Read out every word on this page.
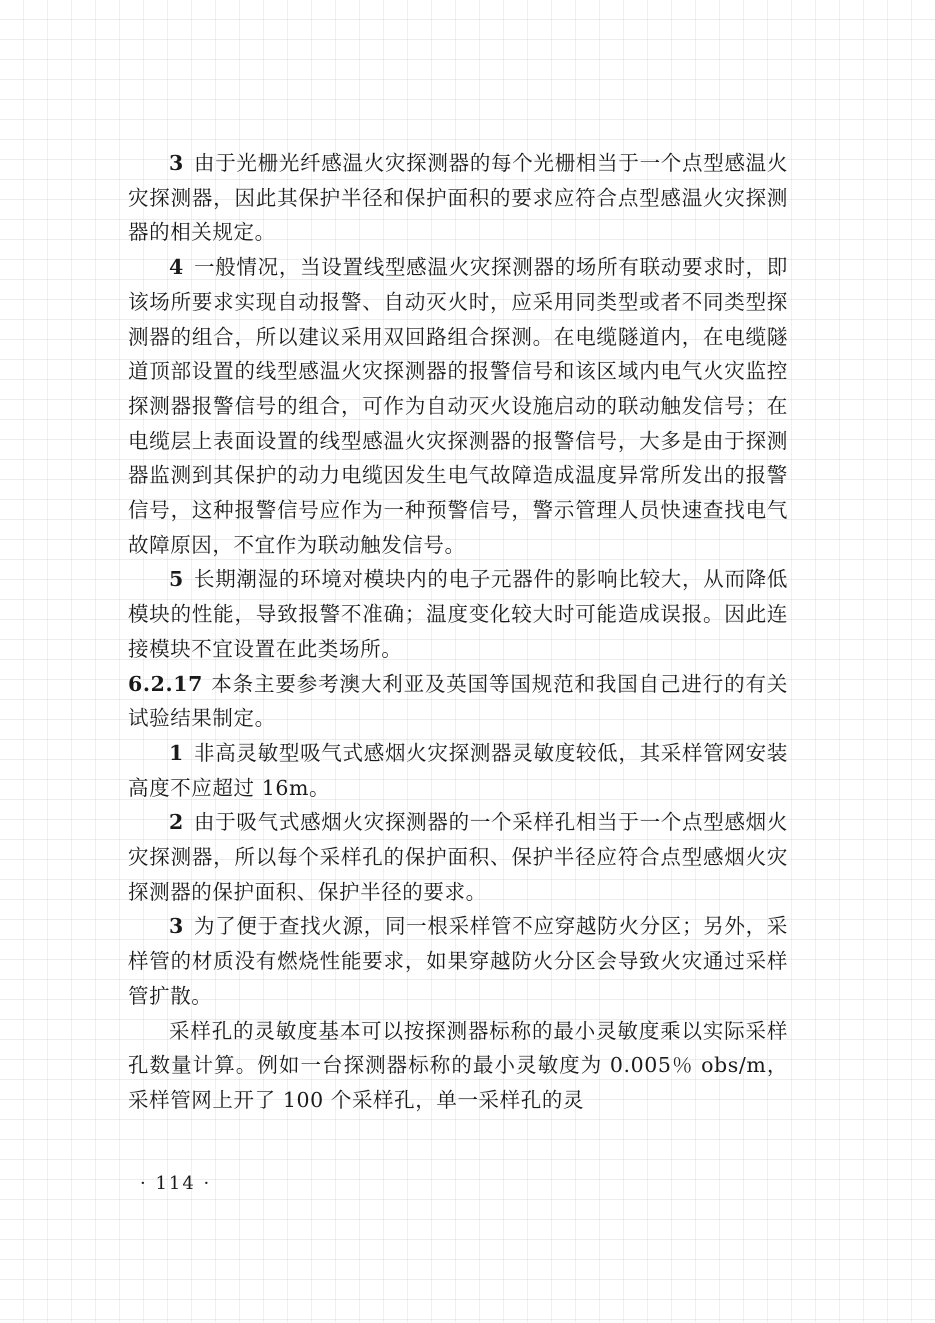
3 由于光栅光纤感温火灾探测器的每个光栅相当于一个点型感温火灾探测器，因此其保护半径和保护面积的要求应符合点型感温火灾探测器的相关规定。

4 一般情况，当设置线型感温火灾探测器的场所有联动要求时，即该场所要求实现自动报警、自动灭火时，应采用同类型或者不同类型探测器的组合，所以建议采用双回路组合探测。在电缆隧道内，在电缆隧道顶部设置的线型感温火灾探测器的报警信号和该区域内电气火灾监控探测器报警信号的组合，可作为自动灭火设施启动的联动触发信号；在电缆层上表面设置的线型感温火灾探测器的报警信号，大多是由于探测器监测到其保护的动力电缆因发生电气故障造成温度异常所发出的报警信号，这种报警信号应作为一种预警信号，警示管理人员快速查找电气故障原因，不宜作为联动触发信号。

5 长期潮湿的环境对模块内的电子元器件的影响比较大，从而降低模块的性能，导致报警不准确；温度变化较大时可能造成误报。因此连接模块不宜设置在此类场所。

6.2.17 本条主要参考澳大利亚及英国等国规范和我国自己进行的有关试验结果制定。

1 非高灵敏型吸气式感烟火灾探测器灵敏度较低，其采样管网安装高度不应超过 16m。

2 由于吸气式感烟火灾探测器的一个采样孔相当于一个点型感烟火灾探测器，所以每个采样孔的保护面积、保护半径应符合点型感烟火灾探测器的保护面积、保护半径的要求。

3 为了便于查找火源，同一根采样管不应穿越防火分区；另外，采样管的材质没有燃烧性能要求，如果穿越防火分区会导致火灾通过采样管扩散。

采样孔的灵敏度基本可以按探测器标称的最小灵敏度乘以实际采样孔数量计算。例如一台探测器标称的最小灵敏度为 0.005％ obs/m，采样管网上开了 100 个采样孔，单一采样孔的灵

· 114 ·
